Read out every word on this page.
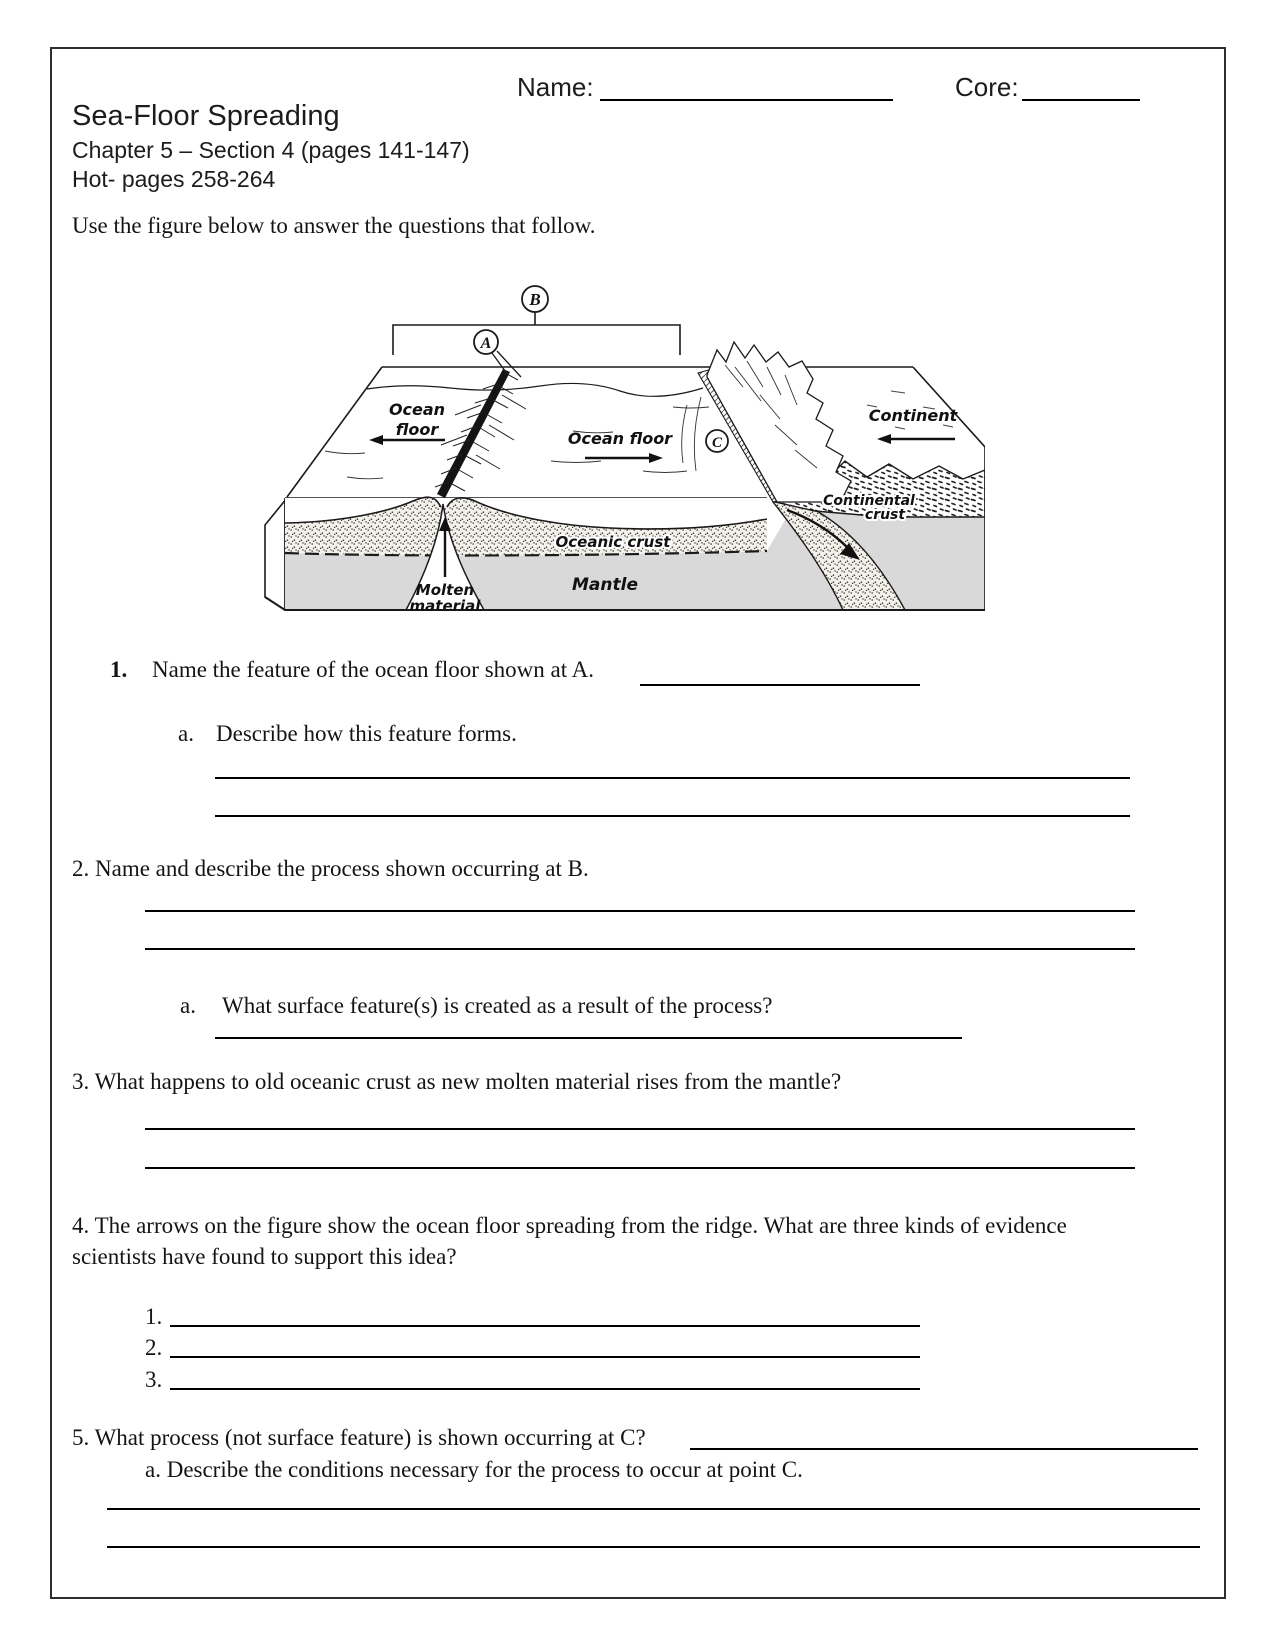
Name:	Core:
Sea-Floor Spreading
Chapter 5 – Section 4 (pages 141-147)
Hot- pages 258-264
Use the figure below to answer the questions that follow.
B
A
C
Ocean
floor	Ocean floor
Continent
Continental
crust
Oceanic crust
Mantle
Molten
material
1. Name the feature of the ocean floor shown at A.
a. Describe how this feature forms.
2. Name and describe the process shown occurring at B.
a. What surface feature(s) is created as a result of the process?
3. What happens to old oceanic crust as new molten material rises from the mantle?
4. The arrows on the figure show the ocean floor spreading from the ridge. What are three kinds of evidence
scientists have found to support this idea?
1.
2.
3.
5. What process (not surface feature) is shown occurring at C?
a. Describe the conditions necessary for the process to occur at point C.
